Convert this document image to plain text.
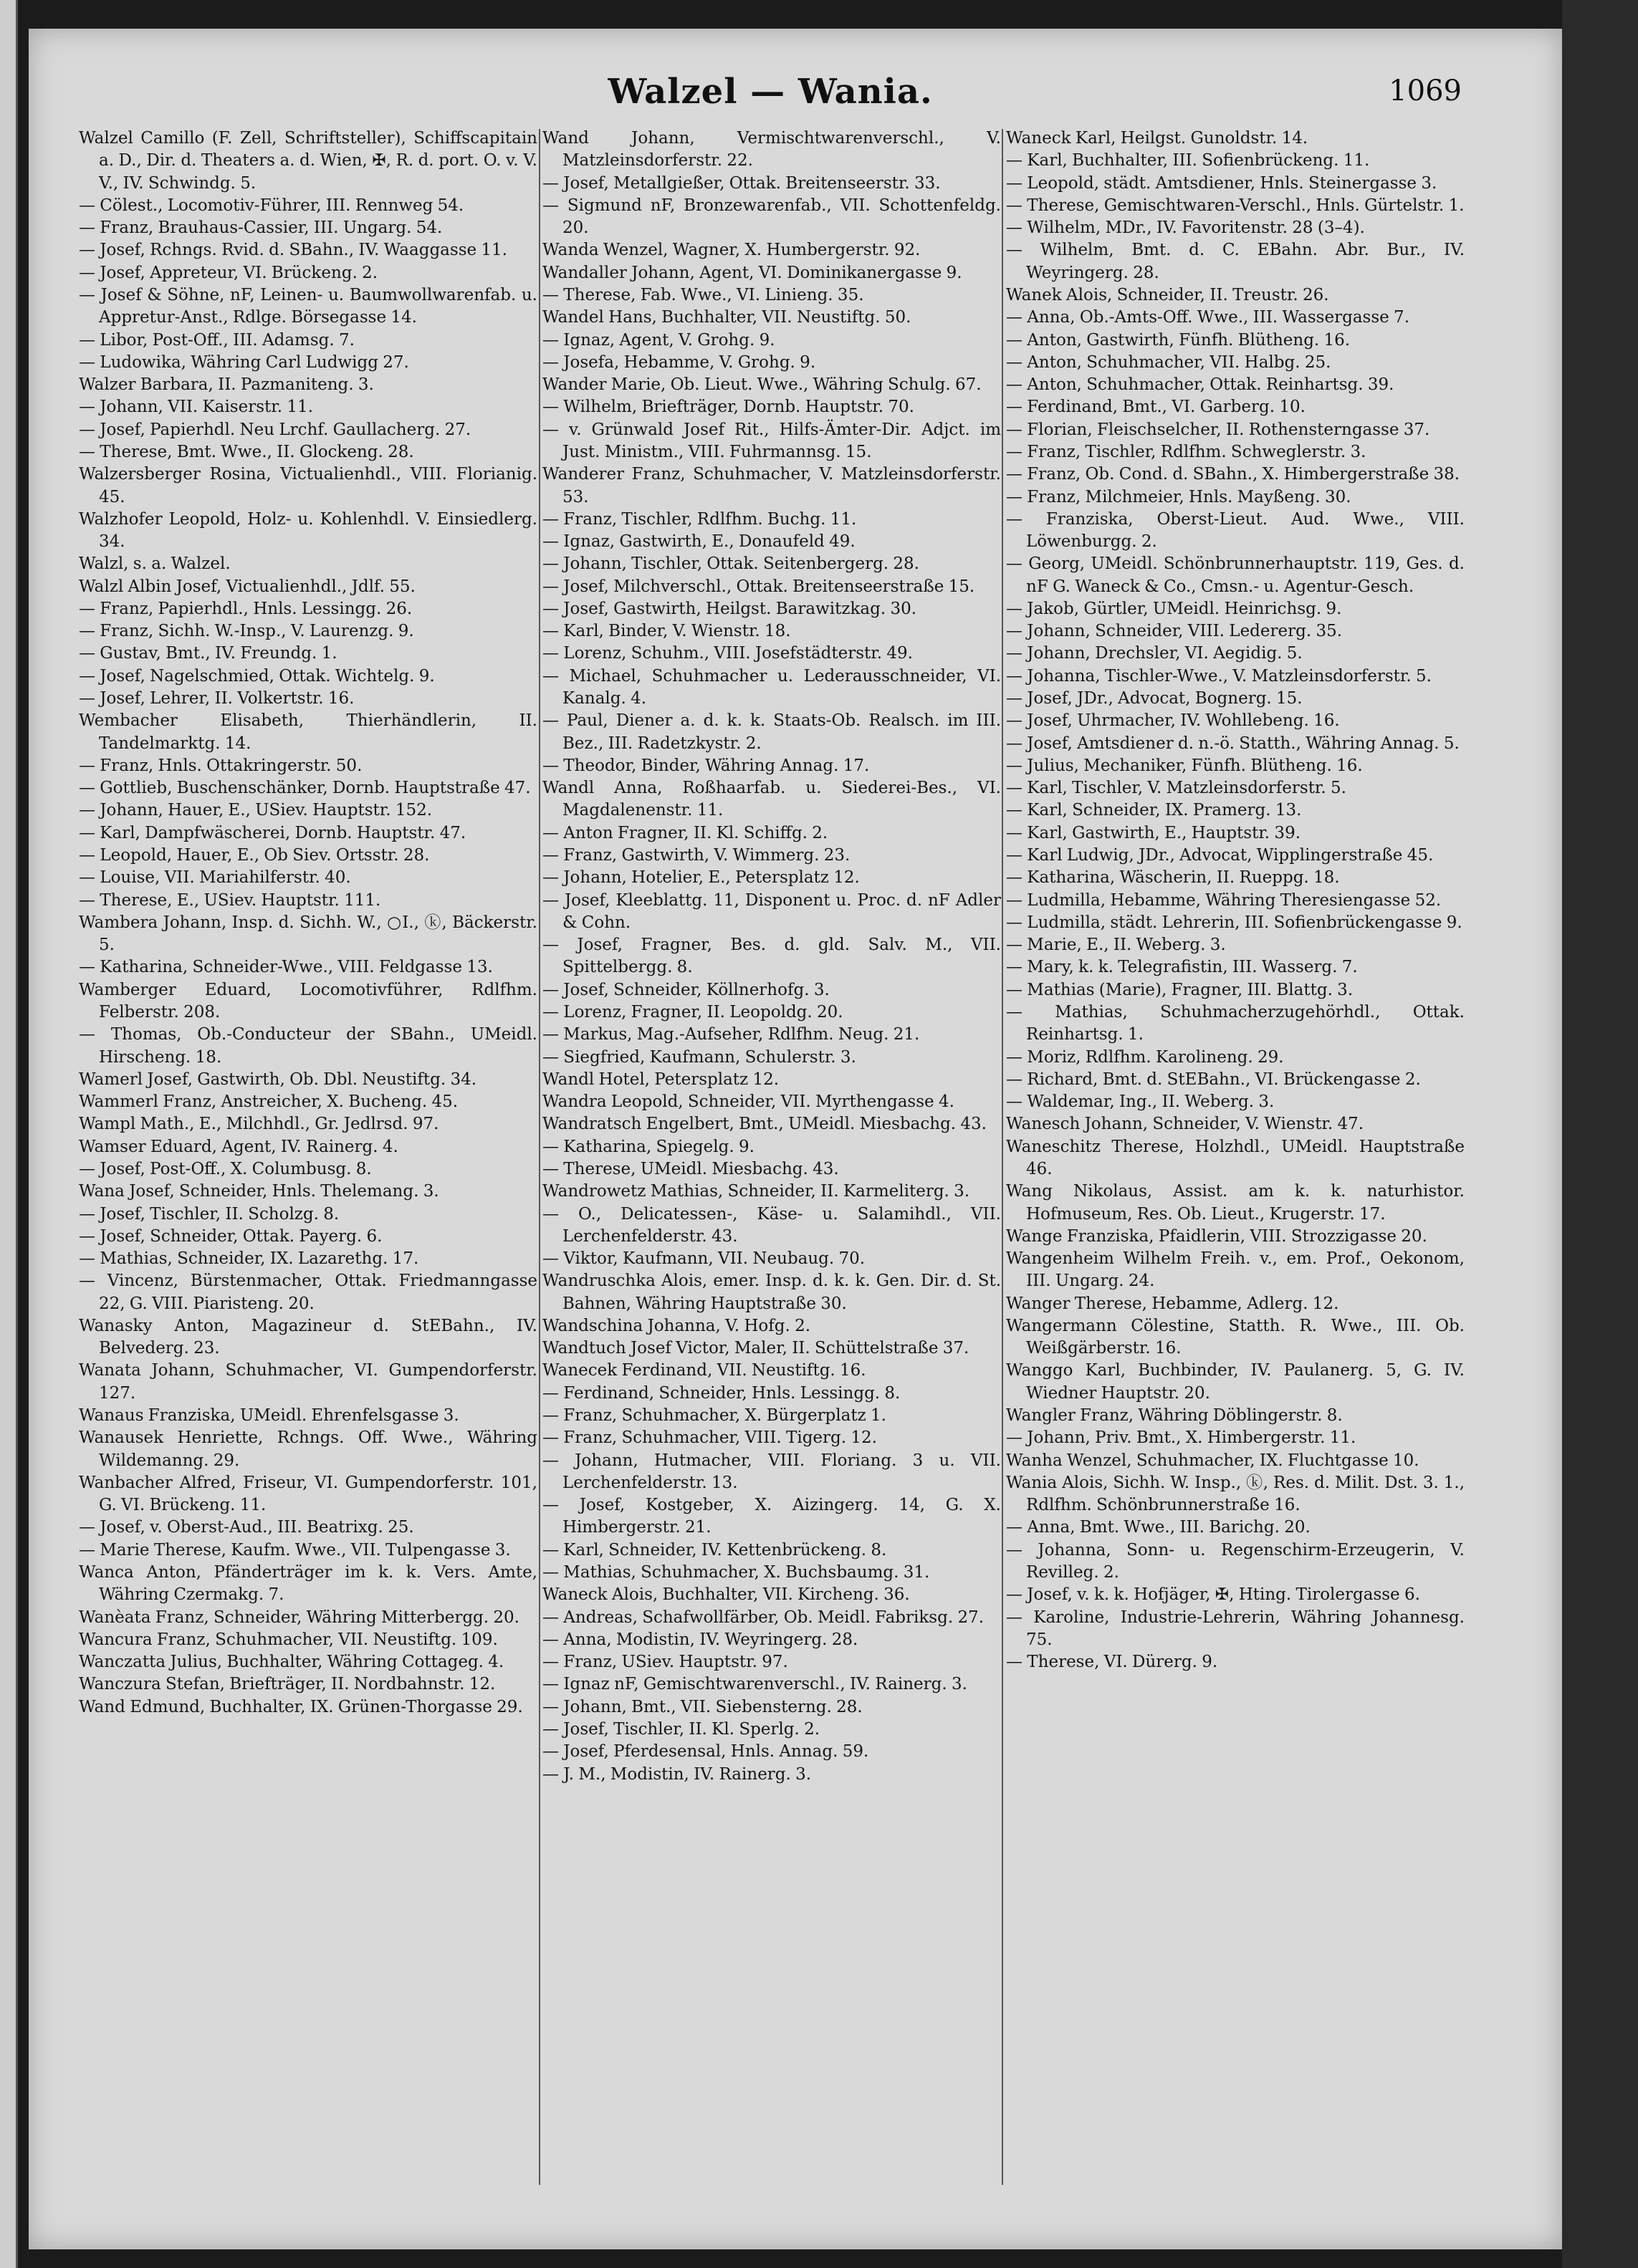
Walzel — Wania.	1069

Walzel Camillo (F. Zell, Schriftsteller), Schiffscapitain a. D., Dir. d. Theaters a. d. Wien, ✠, R. d. port. O. v. V. V., IV. Schwindg. 5.

— Cölest., Locomotiv-Führer, III. Rennweg 54.

— Franz, Brauhaus-Cassier, III. Ungarg. 54.

— Josef, Rchngs. Rvid. d. SBahn., IV. Waaggasse 11.

— Josef, Appreteur, VI. Brückeng. 2.

— Josef & Söhne, nF, Leinen- u. Baumwollwarenfab. u. Appretur-Anst., Rdlge. Börsegasse 14.

— Libor, Post-Off., III. Adamsg. 7.

— Ludowika, Währing Carl Ludwigg 27.

Walzer Barbara, II. Pazmaniteng. 3.

— Johann, VII. Kaiserstr. 11.

— Josef, Papierhdl. Neu Lrchf. Gaullacherg. 27.

— Therese, Bmt. Wwe., II. Glockeng. 28.

Walzersberger Rosina, Victualienhdl., VIII. Florianig. 45.

Walzhofer Leopold, Holz- u. Kohlenhdl. V. Einsiedlerg. 34.

Walzl, s. a. Walzel.

Walzl Albin Josef, Victualienhdl., Jdlf. 55.

— Franz, Papierhdl., Hnls. Lessingg. 26.

— Franz, Sichh. W.-Insp., V. Laurenzg. 9.

— Gustav, Bmt., IV. Freundg. 1.

— Josef, Nagelschmied, Ottak. Wichtelg. 9.

— Josef, Lehrer, II. Volkertstr. 16.

Wembacher Elisabeth, Thierhändlerin, II. Tandelmarktg. 14.

— Franz, Hnls. Ottakringerstr. 50.

— Gottlieb, Buschenschänker, Dornb. Hauptstraße 47.

— Johann, Hauer, E., USiev. Hauptstr. 152.

— Karl, Dampfwäscherei, Dornb. Hauptstr. 47.

— Leopold, Hauer, E., Ob Siev. Ortsstr. 28.

— Louise, VII. Mariahilferstr. 40.

— Therese, E., USiev. Hauptstr. 111.

Wambera Johann, Insp. d. Sichh. W., ○I., ⓚ, Bäckerstr. 5.

— Katharina, Schneider-Wwe., VIII. Feldgasse 13.

Wamberger Eduard, Locomotivführer, Rdlfhm. Felberstr. 208.

— Thomas, Ob.-Conducteur der SBahn., UMeidl. Hirscheng. 18.

Wamerl Josef, Gastwirth, Ob. Dbl. Neustiftg. 34.

Wammerl Franz, Anstreicher, X. Bucheng. 45.

Wampl Math., E., Milchhdl., Gr. Jedlrsd. 97.

Wamser Eduard, Agent, IV. Rainerg. 4.

— Josef, Post-Off., X. Columbusg. 8.

Wana Josef, Schneider, Hnls. Thelemang. 3.

— Josef, Tischler, II. Scholzg. 8.

— Josef, Schneider, Ottak. Payerg. 6.

— Mathias, Schneider, IX. Lazarethg. 17.

— Vincenz, Bürstenmacher, Ottak. Friedmanngasse 22, G. VIII. Piaristeng. 20.

Wanasky Anton, Magazineur d. StEBahn., IV. Belvederg. 23.

Wanata Johann, Schuhmacher, VI. Gumpendorferstr. 127.

Wanaus Franziska, UMeidl. Ehrenfelsgasse 3.

Wanausek Henriette, Rchngs. Off. Wwe., Währing Wildemanng. 29.

Wanbacher Alfred, Friseur, VI. Gumpendorferstr. 101, G. VI. Brückeng. 11.

— Josef, v. Oberst-Aud., III. Beatrixg. 25.

— Marie Therese, Kaufm. Wwe., VII. Tulpengasse 3.

Wanca Anton, Pfänderträger im k. k. Vers. Amte, Währing Czermakg. 7.

Wanèata Franz, Schneider, Währing Mitterbergg. 20.

Wancura Franz, Schuhmacher, VII. Neustiftg. 109.

Wanczatta Julius, Buchhalter, Währing Cottageg. 4.

Wanczura Stefan, Briefträger, II. Nordbahnstr. 12.

Wand Edmund, Buchhalter, IX. Grünen-Thorgasse 29.

Wand Johann, Vermischtwarenverschl., V. Matzleinsdorferstr. 22.

— Josef, Metallgießer, Ottak. Breitenseerstr. 33.

— Sigmund nF, Bronzewarenfab., VII. Schottenfeldg. 20.

Wanda Wenzel, Wagner, X. Humbergerstr. 92.

Wandaller Johann, Agent, VI. Dominikanergasse 9.

— Therese, Fab. Wwe., VI. Linieng. 35.

Wandel Hans, Buchhalter, VII. Neustiftg. 50.

— Ignaz, Agent, V. Grohg. 9.

— Josefa, Hebamme, V. Grohg. 9.

Wander Marie, Ob. Lieut. Wwe., Währing Schulg. 67.

— Wilhelm, Briefträger, Dornb. Hauptstr. 70.

— v. Grünwald Josef Rit., Hilfs-Ämter-Dir. Adjct. im Just. Ministm., VIII. Fuhrmannsg. 15.

Wanderer Franz, Schuhmacher, V. Matzleinsdorferstr. 53.

— Franz, Tischler, Rdlfhm. Buchg. 11.

— Ignaz, Gastwirth, E., Donaufeld 49.

— Johann, Tischler, Ottak. Seitenbergerg. 28.

— Josef, Milchverschl., Ottak. Breitenseerstraße 15.

— Josef, Gastwirth, Heilgst. Barawitzkag. 30.

— Karl, Binder, V. Wienstr. 18.

— Lorenz, Schuhm., VIII. Josefstädterstr. 49.

— Michael, Schuhmacher u. Lederausschneider, VI. Kanalg. 4.

— Paul, Diener a. d. k. k. Staats-Ob. Realsch. im III. Bez., III. Radetzkystr. 2.

— Theodor, Binder, Währing Annag. 17.

Wandl Anna, Roßhaarfab. u. Siederei-Bes., VI. Magdalenenstr. 11.

— Anton Fragner, II. Kl. Schiffg. 2.

— Franz, Gastwirth, V. Wimmerg. 23.

— Johann, Hotelier, E., Petersplatz 12.

— Josef, Kleeblattg. 11, Disponent u. Proc. d. nF Adler & Cohn.

— Josef, Fragner, Bes. d. gld. Salv. M., VII. Spittelbergg. 8.

— Josef, Schneider, Köllnerhofg. 3.

— Lorenz, Fragner, II. Leopoldg. 20.

— Markus, Mag.-Aufseher, Rdlfhm. Neug. 21.

— Siegfried, Kaufmann, Schulerstr. 3.

Wandl Hotel, Petersplatz 12.

Wandra Leopold, Schneider, VII. Myrthengasse 4.

Wandratsch Engelbert, Bmt., UMeidl. Miesbachg. 43.

— Katharina, Spiegelg. 9.

— Therese, UMeidl. Miesbachg. 43.

Wandrowetz Mathias, Schneider, II. Karmeliterg. 3.

— O., Delicatessen-, Käse- u. Salamihdl., VII. Lerchenfelderstr. 43.

— Viktor, Kaufmann, VII. Neubaug. 70.

Wandruschka Alois, emer. Insp. d. k. k. Gen. Dir. d. St. Bahnen, Währing Hauptstraße 30.

Wandschina Johanna, V. Hofg. 2.

Wandtuch Josef Victor, Maler, II. Schüttelstraße 37.

Wanecek Ferdinand, VII. Neustiftg. 16.

— Ferdinand, Schneider, Hnls. Lessingg. 8.

— Franz, Schuhmacher, X. Bürgerplatz 1.

— Franz, Schuhmacher, VIII. Tigerg. 12.

— Johann, Hutmacher, VIII. Floriang. 3 u. VII. Lerchenfelderstr. 13.

— Josef, Kostgeber, X. Aizingerg. 14, G. X. Himbergerstr. 21.

— Karl, Schneider, IV. Kettenbrückeng. 8.

— Mathias, Schuhmacher, X. Buchsbaumg. 31.

Waneck Alois, Buchhalter, VII. Kircheng. 36.

— Andreas, Schafwollfärber, Ob. Meidl. Fabriksg. 27.

— Anna, Modistin, IV. Weyringerg. 28.

— Franz, USiev. Hauptstr. 97.

— Ignaz nF, Gemischtwarenverschl., IV. Rainerg. 3.

— Johann, Bmt., VII. Siebensterng. 28.

— Josef, Tischler, II. Kl. Sperlg. 2.

— Josef, Pferdesensal, Hnls. Annag. 59.

— J. M., Modistin, IV. Rainerg. 3.

Waneck Karl, Heilgst. Gunoldstr. 14.

— Karl, Buchhalter, III. Sofienbrückeng. 11.

— Leopold, städt. Amtsdiener, Hnls. Steinergasse 3.

— Therese, Gemischtwaren-Verschl., Hnls. Gürtelstr. 1.

— Wilhelm, MDr., IV. Favoritenstr. 28 (3–4).

— Wilhelm, Bmt. d. C. EBahn. Abr. Bur., IV. Weyringerg. 28.

Wanek Alois, Schneider, II. Treustr. 26.

— Anna, Ob.-Amts-Off. Wwe., III. Wassergasse 7.

— Anton, Gastwirth, Fünfh. Blütheng. 16.

— Anton, Schuhmacher, VII. Halbg. 25.

— Anton, Schuhmacher, Ottak. Reinhartsg. 39.

— Ferdinand, Bmt., VI. Garberg. 10.

— Florian, Fleischselcher, II. Rothensterngasse 37.

— Franz, Tischler, Rdlfhm. Schweglerstr. 3.

— Franz, Ob. Cond. d. SBahn., X. Himbergerstraße 38.

— Franz, Milchmeier, Hnls. Mayßeng. 30.

— Franziska, Oberst-Lieut. Aud. Wwe., VIII. Löwenburgg. 2.

— Georg, UMeidl. Schönbrunnerhauptstr. 119, Ges. d. nF G. Waneck & Co., Cmsn.- u. Agentur-Gesch.

— Jakob, Gürtler, UMeidl. Heinrichsg. 9.

— Johann, Schneider, VIII. Ledererg. 35.

— Johann, Drechsler, VI. Aegidig. 5.

— Johanna, Tischler-Wwe., V. Matzleinsdorferstr. 5.

— Josef, JDr., Advocat, Bognerg. 15.

— Josef, Uhrmacher, IV. Wohllebeng. 16.

— Josef, Amtsdiener d. n.-ö. Statth., Währing Annag. 5.

— Julius, Mechaniker, Fünfh. Blütheng. 16.

— Karl, Tischler, V. Matzleinsdorferstr. 5.

— Karl, Schneider, IX. Pramerg. 13.

— Karl, Gastwirth, E., Hauptstr. 39.

— Karl Ludwig, JDr., Advocat, Wipplingerstraße 45.

— Katharina, Wäscherin, II. Rueppg. 18.

— Ludmilla, Hebamme, Währing Theresiengasse 52.

— Ludmilla, städt. Lehrerin, III. Sofienbrückengasse 9.

— Marie, E., II. Weberg. 3.

— Mary, k. k. Telegrafistin, III. Wasserg. 7.

— Mathias (Marie), Fragner, III. Blattg. 3.

— Mathias, Schuhmacherzugehörhdl., Ottak. Reinhartsg. 1.

— Moriz, Rdlfhm. Karolineng. 29.

— Richard, Bmt. d. StEBahn., VI. Brückengasse 2.

— Waldemar, Ing., II. Weberg. 3.

Wanesch Johann, Schneider, V. Wienstr. 47.

Waneschitz Therese, Holzhdl., UMeidl. Hauptstraße 46.

Wang Nikolaus, Assist. am k. k. naturhistor. Hofmuseum, Res. Ob. Lieut., Krugerstr. 17.

Wange Franziska, Pfaidlerin, VIII. Strozzigasse 20.

Wangenheim Wilhelm Freih. v., em. Prof., Oekonom, III. Ungarg. 24.

Wanger Therese, Hebamme, Adlerg. 12.

Wangermann Cölestine, Statth. R. Wwe., III. Ob. Weißgärberstr. 16.

Wanggo Karl, Buchbinder, IV. Paulanerg. 5, G. IV. Wiedner Hauptstr. 20.

Wangler Franz, Währing Döblingerstr. 8.

— Johann, Priv. Bmt., X. Himbergerstr. 11.

Wanha Wenzel, Schuhmacher, IX. Fluchtgasse 10.

Wania Alois, Sichh. W. Insp., ⓚ, Res. d. Milit. Dst. 3. 1., Rdlfhm. Schönbrunnerstraße 16.

— Anna, Bmt. Wwe., III. Barichg. 20.

— Johanna, Sonn- u. Regenschirm-Erzeugerin, V. Revilleg. 2.

— Josef, v. k. k. Hofjäger, ✠, Hting. Tirolergasse 6.

— Karoline, Industrie-Lehrerin, Währing Johannesg. 75.

— Therese, VI. Dürerg. 9.
